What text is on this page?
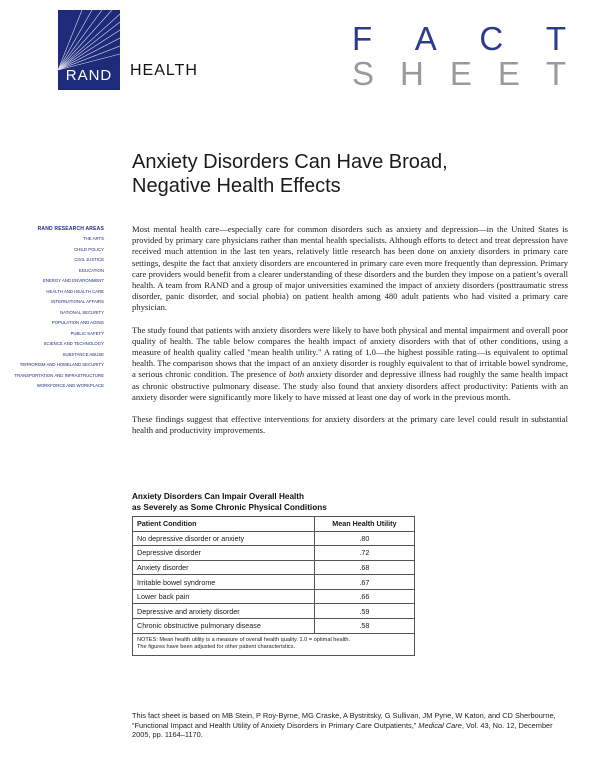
RAND	HEALTH
F A C T
S H E E T
Anxiety Disorders Can Have Broad,
Negative Health Effects
RAND RESEARCH AREAS
THE ARTS
CHILD POLICY
CIVIL JUSTICE
EDUCATION
ENERGY AND ENVIRONMENT
HEALTH AND HEALTH CARE
INTERNATIONAL AFFAIRS
NATIONAL SECURITY
POPULATION AND AGING
PUBLIC SAFETY
SCIENCE AND TECHNOLOGY
SUBSTANCE ABUSE
TERRORISM AND HOMELAND SECURITY
TRANSPORTATION AND INFRASTRUCTURE
WORKFORCE AND WORKPLACE

Most mental health care—especially care for common disorders such as anxiety and depression—in the United States is provided by primary care physicians rather than mental health specialists. Although efforts to detect and treat depression have received much attention in the last ten years, relatively little research has been done on anxiety disorders in primary care settings, despite the fact that anxiety disorders are encountered in primary care even more frequently than depression. Primary care providers would benefit from a clearer understanding of these disorders and the burden they impose on a patient’s overall health. A team from RAND and a group of major universities examined the impact of anxiety disorders (posttraumatic stress disorder, panic disorder, and social phobia) on patient health among 480 adult patients who had visited a primary care physician.

The study found that patients with anxiety disorders were likely to have both physical and mental impairment and overall poor quality of health. The table below compares the health impact of anxiety disorders with that of other conditions, using a measure of health quality called "mean health utility." A rating of 1.0—the highest possible rating—is equivalent to optimal health. The comparison shows that the impact of an anxiety disorder is roughly equivalent to that of irritable bowel syndrome, a serious chronic condition. The presence of both anxiety disorder and depressive illness had roughly the same health impact as chronic obstructive pulmonary disease. The study also found that anxiety disorders affect productivity: Patients with an anxiety disorder were significantly more likely to have missed at least one day of work in the previous month.

These findings suggest that effective interventions for anxiety disorders at the primary care level could result in substantial health and productivity improvements.

Anxiety Disorders Can Impair Overall Health
as Severely as Some Chronic Physical Conditions
Patient Condition	Mean Health Utility
No depressive disorder or anxiety	.80
Depressive disorder	.72
Anxiety disorder	.68
Irritable bowel syndrome	.67
Lower back pain	.66
Depressive and anxiety disorder	.59
Chronic obstructive pulmonary disease	.58
NOTES: Mean health utility is a measure of overall health quality. 1.0 = optimal health.
The figures have been adjusted for other patient characteristics.
This fact sheet is based on MB Stein, P Roy-Byrne, MG Craske, A Bystritsky, G Sullivan, JM Pyne, W Katon, and CD Sherbourne, “Functional Impact and Health Utility of Anxiety Disorders in Primary Care Outpatients,” Medical Care, Vol. 43, No. 12, December 2005, pp. 1164–1170.
